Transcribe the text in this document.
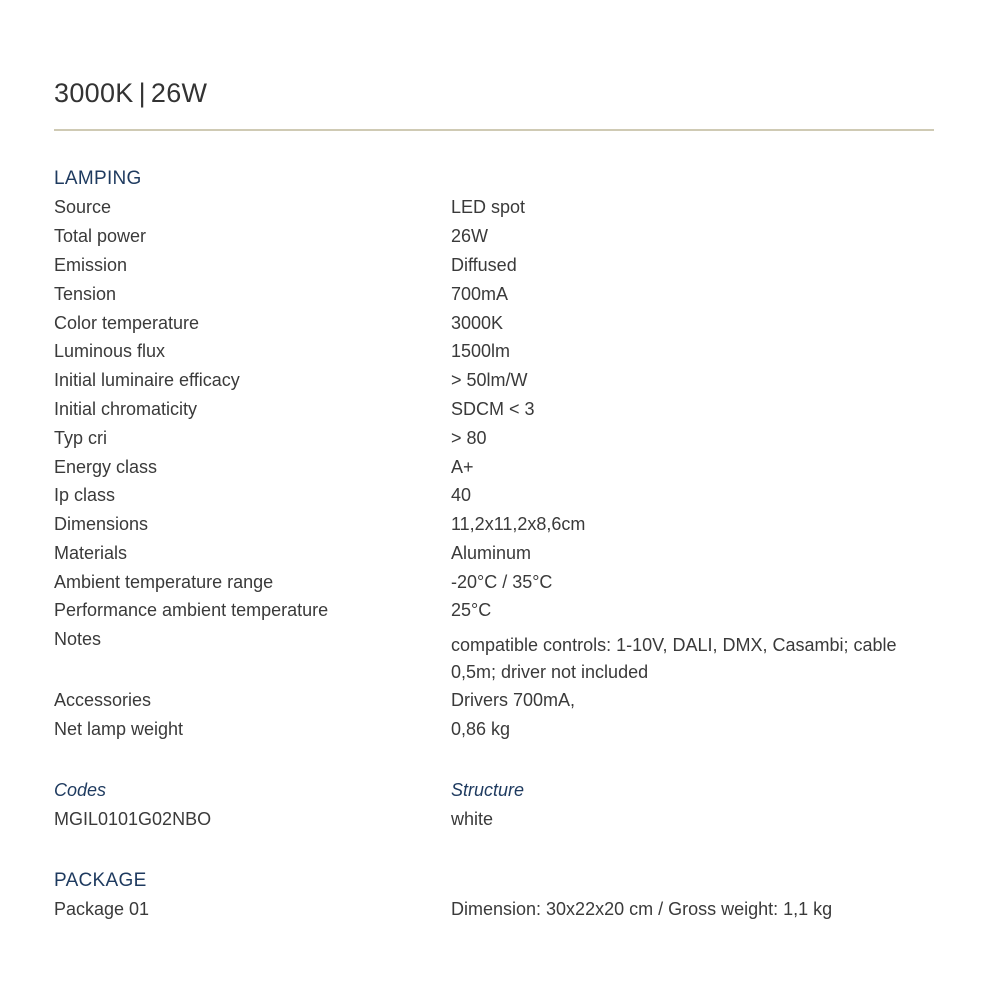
3000K | 26W
LAMPING
Source	LED spot
Total power	26W
Emission	Diffused
Tension	700mA
Color temperature	3000K
Luminous flux	1500lm
Initial luminaire efficacy	> 50lm/W
Initial chromaticity	SDCM < 3
Typ cri	> 80
Energy class	A+
Ip class	40
Dimensions	11,2x11,2x8,6cm
Materials	Aluminum
Ambient temperature range	-20°C / 35°C
Performance ambient temperature	25°C
Notes	compatible controls: 1-10V, DALI, DMX, Casambi; cable 0,5m; driver not included
Accessories	Drivers 700mA,
Net lamp weight	0,86 kg
Codes	Structure
MGIL0101G02NBO	white
PACKAGE
Package 01	Dimension: 30x22x20 cm / Gross weight: 1,1 kg
